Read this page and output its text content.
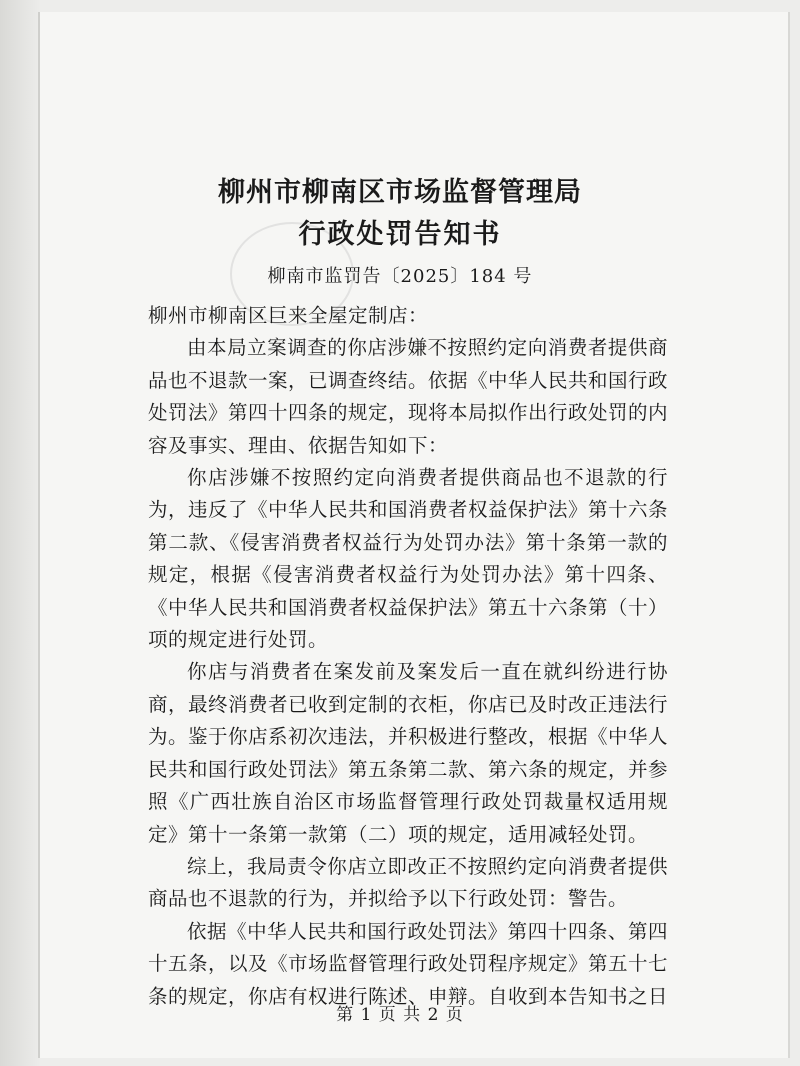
柳州市柳南区市场监督管理局
行政处罚告知书
柳南市监罚告〔2025〕184 号

柳州市柳南区巨来全屋定制店：

由本局立案调查的你店涉嫌不按照约定向消费者提供商品也不退款一案，已调查终结。依据《中华人民共和国行政处罚法》第四十四条的规定，现将本局拟作出行政处罚的内容及事实、理由、依据告知如下：

你店涉嫌不按照约定向消费者提供商品也不退款的行为，违反了《中华人民共和国消费者权益保护法》第十六条第二款、《侵害消费者权益行为处罚办法》第十条第一款的规定，根据《侵害消费者权益行为处罚办法》第十四条、《中华人民共和国消费者权益保护法》第五十六条第（十）项的规定进行处罚。

你店与消费者在案发前及案发后一直在就纠纷进行协商，最终消费者已收到定制的衣柜，你店已及时改正违法行为。鉴于你店系初次违法，并积极进行整改，根据《中华人民共和国行政处罚法》第五条第二款、第六条的规定，并参照《广西壮族自治区市场监督管理行政处罚裁量权适用规定》第十一条第一款第（二）项的规定，适用减轻处罚。

综上，我局责令你店立即改正不按照约定向消费者提供商品也不退款的行为，并拟给予以下行政处罚：警告。

依据《中华人民共和国行政处罚法》第四十四条、第四十五条，以及《市场监督管理行政处罚程序规定》第五十七条的规定，你店有权进行陈述、申辩。自收到本告知书之日

第 1 页 共 2 页
